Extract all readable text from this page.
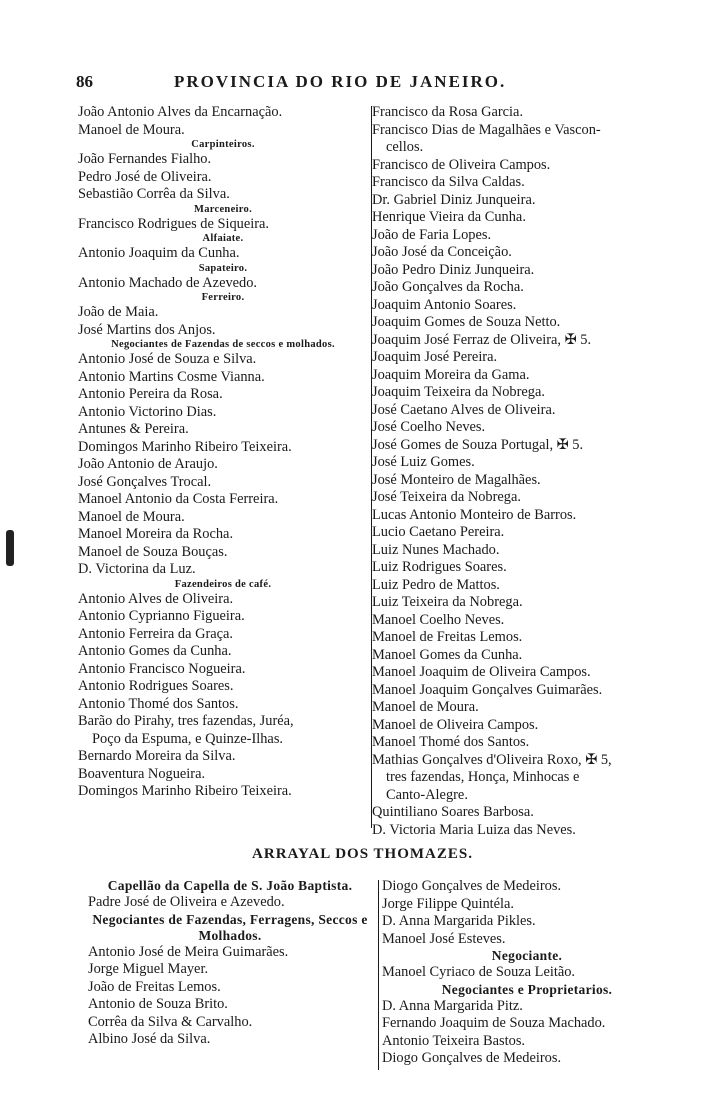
86	PROVINCIA DO RIO DE JANEIRO.
João Antonio Alves da Encarnação.
Manoel de Moura.
Carpinteiros.
João Fernandes Fialho.
Pedro José de Oliveira.
Sebastião Corrêa da Silva.
Marceneiro.
Francisco Rodrigues de Siqueira.
Alfaiate.
Antonio Joaquim da Cunha.
Sapateiro.
Antonio Machado de Azevedo.
Ferreiro.
João de Maia.
José Martins dos Anjos.
Negociantes de Fazendas de seccos e molhados.
Antonio José de Souza e Silva.
Antonio Martins Cosme Vianna.
Antonio Pereira da Rosa.
Antonio Victorino Dias.
Antunes & Pereira.
Domingos Marinho Ribeiro Teixeira.
João Antonio de Araujo.
José Gonçalves Trocal.
Manoel Antonio da Costa Ferreira.
Manoel de Moura.
Manoel Moreira da Rocha.
Manoel de Souza Bouças.
D. Victorina da Luz.
Fazendeiros de café.
Antonio Alves de Oliveira.
Antonio Cyprianno Figueira.
Antonio Ferreira da Graça.
Antonio Gomes da Cunha.
Antonio Francisco Nogueira.
Antonio Rodrigues Soares.
Antonio Thomé dos Santos.
Barão do Pirahy, tres fazendas, Juréa,
Poço da Espuma, e Quinze-Ilhas.
Bernardo Moreira da Silva.
Boaventura Nogueira.
Domingos Marinho Ribeiro Teixeira.
Francisco da Rosa Garcia.
Francisco Dias de Magalhães e Vascon-
cellos.
Francisco de Oliveira Campos.
Francisco da Silva Caldas.
Dr. Gabriel Diniz Junqueira.
Henrique Vieira da Cunha.
João de Faria Lopes.
João José da Conceição.
João Pedro Diniz Junqueira.
João Gonçalves da Rocha.
Joaquim Antonio Soares.
Joaquim Gomes de Souza Netto.
Joaquim José Ferraz de Oliveira, ✠ 5.
Joaquim José Pereira.
Joaquim Moreira da Gama.
Joaquim Teixeira da Nobrega.
José Caetano Alves de Oliveira.
José Coelho Neves.
José Gomes de Souza Portugal, ✠ 5.
José Luiz Gomes.
José Monteiro de Magalhães.
José Teixeira da Nobrega.
Lucas Antonio Monteiro de Barros.
Lucio Caetano Pereira.
Luiz Nunes Machado.
Luiz Rodrigues Soares.
Luiz Pedro de Mattos.
Luiz Teixeira da Nobrega.
Manoel Coelho Neves.
Manoel de Freitas Lemos.
Manoel Gomes da Cunha.
Manoel Joaquim de Oliveira Campos.
Manoel Joaquim Gonçalves Guimarães.
Manoel de Moura.
Manoel de Oliveira Campos.
Manoel Thomé dos Santos.
Mathias Gonçalves d'Oliveira Roxo, ✠ 5,
tres fazendas, Honça, Minhocas e
Canto-Alegre.
Quintiliano Soares Barbosa.
D. Victoria Maria Luiza das Neves.
ARRAYAL DOS THOMAZES.
Capellão da Capella de S. João Baptista.
Padre José de Oliveira e Azevedo.
Negociantes de Fazendas, Ferragens, Seccos e Molhados.
Antonio José de Meira Guimarães.
Jorge Miguel Mayer.
João de Freitas Lemos.
Antonio de Souza Brito.
Corrêa da Silva & Carvalho.
Albino José da Silva.
Diogo Gonçalves de Medeiros.
Jorge Filippe Quintéla.
D. Anna Margarida Pikles.
Manoel José Esteves.
Negociante.
Manoel Cyriaco de Souza Leitão.
Negociantes e Proprietarios.
D. Anna Margarida Pitz.
Fernando Joaquim de Souza Machado.
Antonio Teixeira Bastos.
Diogo Gonçalves de Medeiros.
